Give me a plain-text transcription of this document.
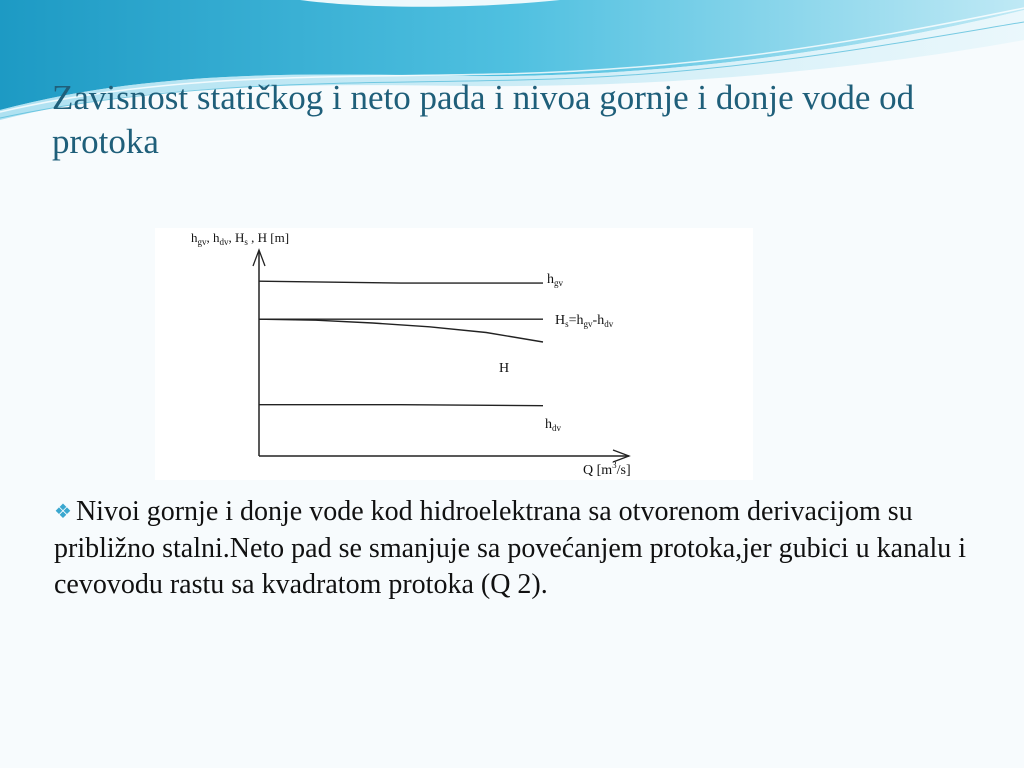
Zavisnost statičkog i neto pada i nivoa gornje i donje vode od protoka
$h_{gv}$, $h_{dv}$, $H_s$ , H [m]
Q $[m^3/s]$
hgv
Hs=hgv-hdv
H
hdv

❖ Nivoi gornje i donje vode kod hidroelektrana sa otvorenom derivacijom su približno stalni.Neto pad se smanjuje sa povećanjem protoka,jer gubici u kanalu i cevovodu rastu sa kvadratom protoka (Q 2).
